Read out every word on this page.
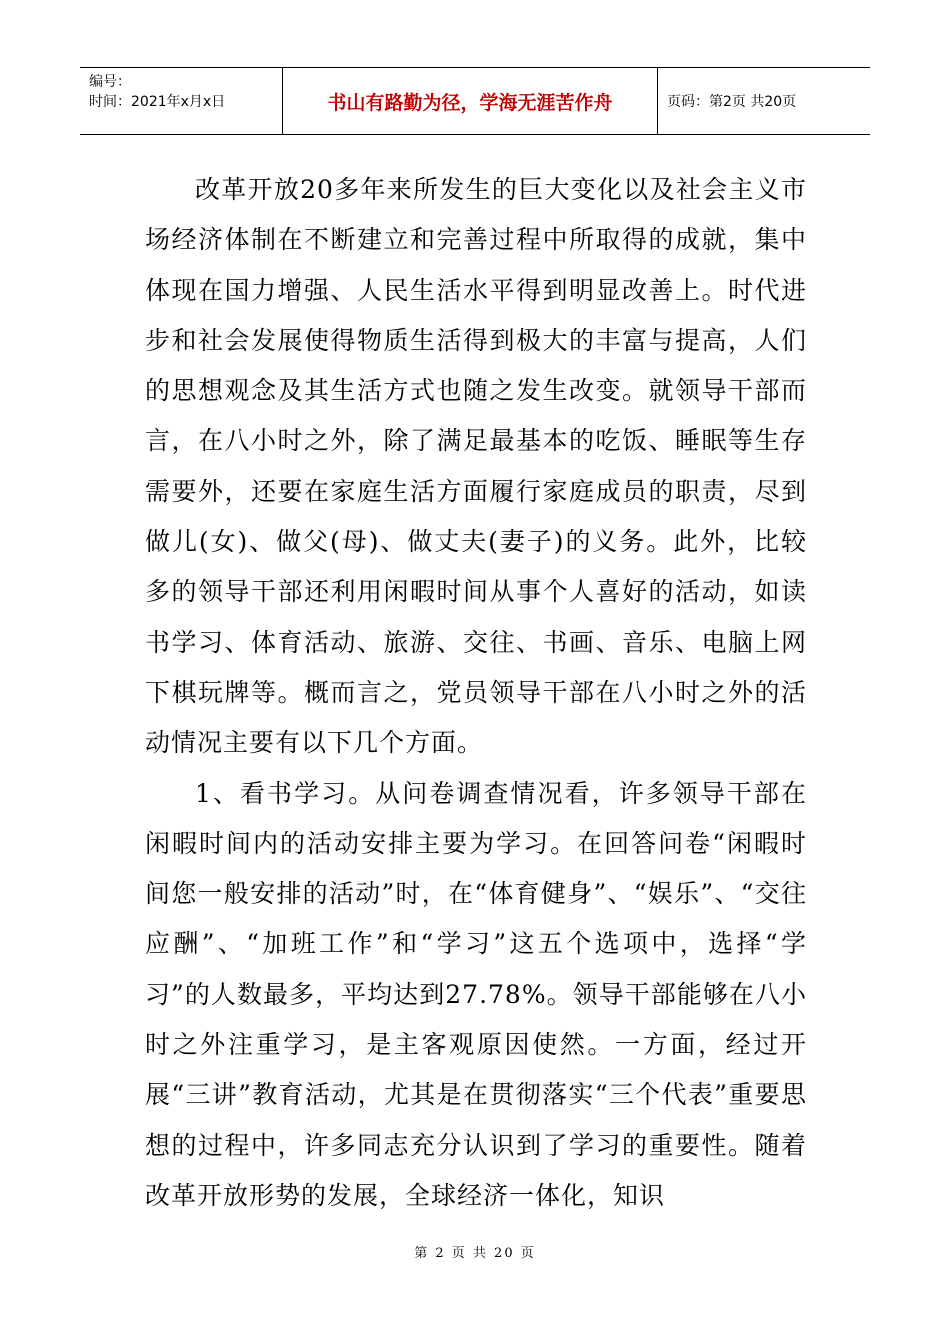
编号：
时间：2021年x月x日	书山有路勤为径，学海无涯苦作舟	页码：第2页 共20页

改革开放20多年来所发生的巨大变化以及社会主义市场经济体制在不断建立和完善过程中所取得的成就，集中体现在国力增强、人民生活水平得到明显改善上。时代进步和社会发展使得物质生活得到极大的丰富与提高，人们的思想观念及其生活方式也随之发生改变。就领导干部而言，在八小时之外，除了满足最基本的吃饭、睡眠等生存需要外，还要在家庭生活方面履行家庭成员的职责，尽到做儿(女)、做父(母)、做丈夫(妻子)的义务。此外，比较多的领导干部还利用闲暇时间从事个人喜好的活动，如读书学习、体育活动、旅游、交往、书画、音乐、电脑上网下棋玩牌等。概而言之，党员领导干部在八小时之外的活动情况主要有以下几个方面。

1、看书学习。从问卷调查情况看，许多领导干部在闲暇时间内的活动安排主要为学习。在回答问卷“闲暇时间您一般安排的活动”时，在“体育健身”、“娱乐”、“交往应酬”、“加班工作”和“学习”这五个选项中，选择“学习”的人数最多，平均达到27.78%。领导干部能够在八小时之外注重学习，是主客观原因使然。一方面，经过开展“三讲”教育活动，尤其是在贯彻落实“三个代表”重要思想的过程中，许多同志充分认识到了学习的重要性。随着改革开放形势的发展，全球经济一体化，知识

第 2 页 共 20 页
